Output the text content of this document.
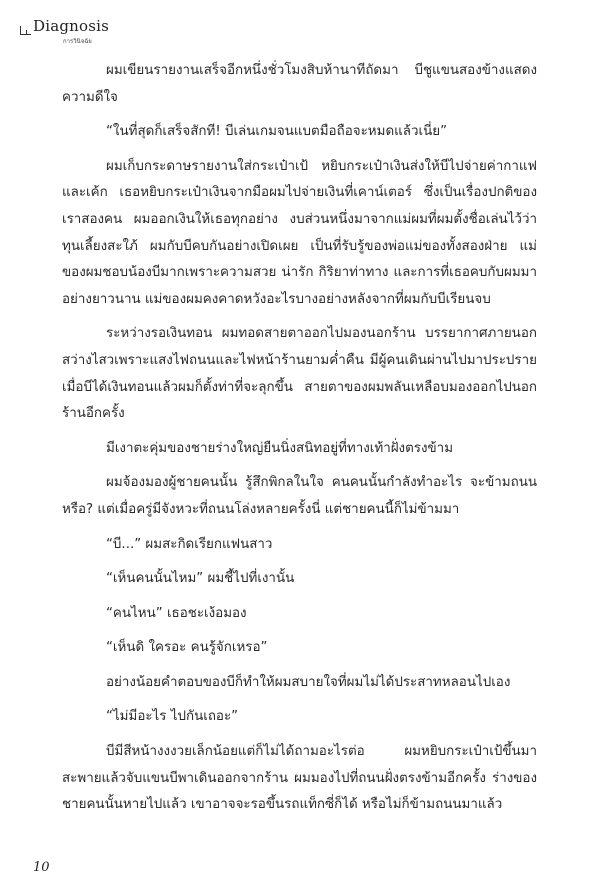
Diagnosis
การวินิจฉัย

ผมเขียนรายงานเสร็จอีกหนึ่งชั่วโมงสิบห้านาทีถัดมา บีชูแขนสองข้างแสดงความดีใจ

“ในที่สุดก็เสร็จสักที! บีเล่นเกมจนแบตมือถือจะหมดแล้วเนี่ย”

ผมเก็บกระดาษรายงานใส่กระเป๋าเป้ หยิบกระเป๋าเงินส่งให้บีไปจ่ายค่ากาแฟและเค้ก เธอหยิบกระเป๋าเงินจากมือผมไปจ่ายเงินที่เคาน์เตอร์ ซึ่งเป็นเรื่องปกติของเราสองคน ผมออกเงินให้เธอทุกอย่าง งบส่วนหนึ่งมาจากแม่ผมที่ผมตั้งชื่อเล่นไว้ว่าทุนเลี้ยงสะใภ้ ผมกับบีคบกันอย่างเปิดเผย เป็นที่รับรู้ของพ่อแม่ของทั้งสองฝ่าย แม่ของผมชอบน้องบีมากเพราะความสวย น่ารัก กิริยาท่าทาง และการที่เธอคบกับผมมาอย่างยาวนาน แม่ของผมคงคาดหวังอะไรบางอย่างหลังจากที่ผมกับบีเรียนจบ

ระหว่างรอเงินทอน ผมทอดสายตาออกไปมองนอกร้าน บรรยากาศภายนอกสว่างไสวเพราะแสงไฟถนนและไฟหน้าร้านยามค่ำคืน มีผู้คนเดินผ่านไปมาประปราย เมื่อบีได้เงินทอนแล้วผมก็ตั้งท่าที่จะลุกขึ้น สายตาของผมพลันเหลือบมองออกไปนอกร้านอีกครั้ง

มีเงาตะคุ่มของชายร่างใหญ่ยืนนิ่งสนิทอยู่ที่ทางเท้าฝั่งตรงข้าม

ผมจ้องมองผู้ชายคนนั้น รู้สึกพิกลในใจ คนคนนั้นกำลังทำอะไร จะข้ามถนนหรือ? แต่เมื่อครู่มีจังหวะที่ถนนโล่งหลายครั้งนี่ แต่ชายคนนี้ก็ไม่ข้ามมา

“บี...” ผมสะกิดเรียกแฟนสาว

“เห็นคนนั้นไหม” ผมชี้ไปที่เงานั้น

“คนไหน” เธอชะเง้อมอง

“เห็นดิ ใครอะ คนรู้จักเหรอ”

อย่างน้อยคำตอบของบีก็ทำให้ผมสบายใจที่ผมไม่ได้ประสาทหลอนไปเอง

“ไม่มีอะไร ไปกันเถอะ”

บีมีสีหน้างงงวยเล็กน้อยแต่ก็ไม่ได้ถามอะไรต่อ ผมหยิบกระเป๋าเป้ขึ้นมาสะพายแล้วจับแขนบีพาเดินออกจากร้าน ผมมองไปที่ถนนฝั่งตรงข้ามอีกครั้ง ร่างของชายคนนั้นหายไปแล้ว เขาอาจจะรอขึ้นรถแท็กซี่ก็ได้ หรือไม่ก็ข้ามถนนมาแล้ว

10
